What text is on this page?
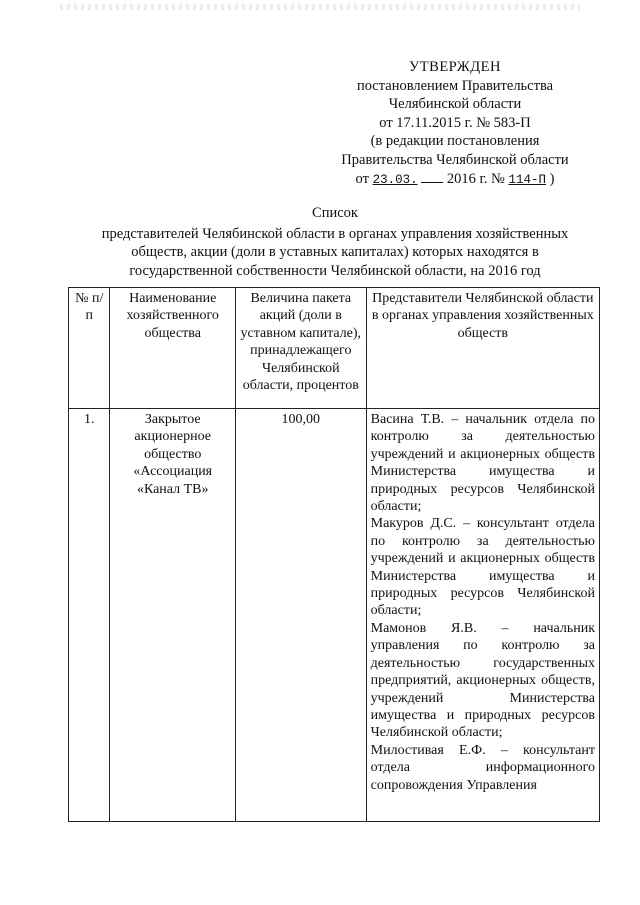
УТВЕРЖДЕН
постановлением Правительства
Челябинской области
от 17.11.2015 г. № 583-П
(в редакции постановления
Правительства Челябинской области
от 23.03. 2016 г. № 114-П )
Список
представителей Челябинской области в органах управления хозяйственных
обществ, акции (доли в уставных капиталах) которых находятся в
государственной собственности Челябинской области, на 2016 год
№ п/п	Наименование хозяйственного общества	Величина пакета акций (доли в уставном капитале), принадлежащего Челябинской области, процентов	Представители Челябинской области в органах управления хозяйственных обществ
1.	Закрытое акционерное общество «Ассоциация «Канал ТВ»	100,00	Васина Т.В. – начальник отдела по контролю за деятельностью учреждений и акционерных обществ Министерства имущества и природных ресурсов Челябинской области;
Макуров Д.С. – консультант отдела по контролю за деятельностью учреждений и акционерных обществ Министерства имущества и природных ресурсов Челябинской области;
Мамонов Я.В. – начальник управления по контролю за деятельностью государственных предприятий, акционерных обществ, учреждений Министерства имущества и природных ресурсов Челябинской области;
Милостивая Е.Ф. – консультант отдела информационного сопровождения Управления
